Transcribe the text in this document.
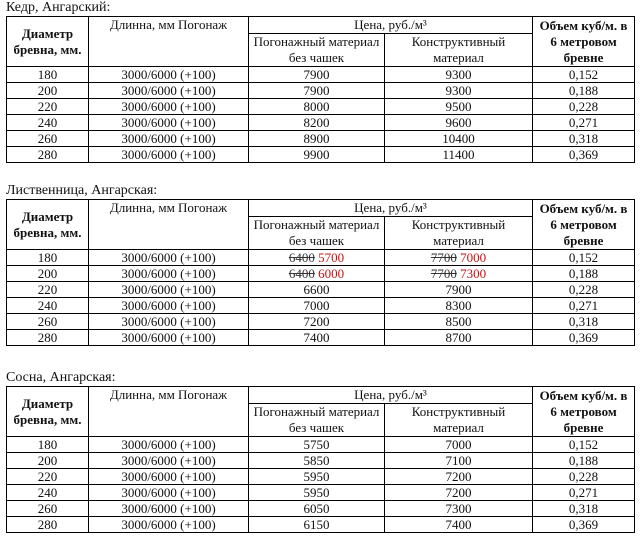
Кедр, Ангарский:
Диаметр бревна, мм.	Длинна, мм Погонаж	Цена, руб./м³		Объем куб/м. в 6 метровом бревне
		Погонажный материал без чашек	Конструктивный материал	
180	3000/6000 (+100)	7900	9300	0,152
200	3000/6000 (+100)	7900	9300	0,188
220	3000/6000 (+100)	8000	9500	0,228
240	3000/6000 (+100)	8200	9600	0,271
260	3000/6000 (+100)	8900	10400	0,318
280	3000/6000 (+100)	9900	11400	0,369
Лиственница, Ангарская:
Диаметр бревна, мм.	Длинна, мм Погонаж	Цена, руб./м³		Объем куб/м. в 6 метровом бревне
		Погонажный материал без чашек	Конструктивный материал	
180	3000/6000 (+100)	6400 5700	7700 7000	0,152
200	3000/6000 (+100)	6400 6000	7700 7300	0,188
220	3000/6000 (+100)	6600	7900	0,228
240	3000/6000 (+100)	7000	8300	0,271
260	3000/6000 (+100)	7200	8500	0,318
280	3000/6000 (+100)	7400	8700	0,369
Сосна, Ангарская:
Диаметр бревна, мм.	Длинна, мм Погонаж	Цена, руб./м³		Объем куб/м. в 6 метровом бревне
		Погонажный материал без чашек	Конструктивный материал	
180	3000/6000 (+100)	5750	7000	0,152
200	3000/6000 (+100)	5850	7100	0,188
220	3000/6000 (+100)	5950	7200	0,228
240	3000/6000 (+100)	5950	7200	0,271
260	3000/6000 (+100)	6050	7300	0,318
280	3000/6000 (+100)	6150	7400	0,369
